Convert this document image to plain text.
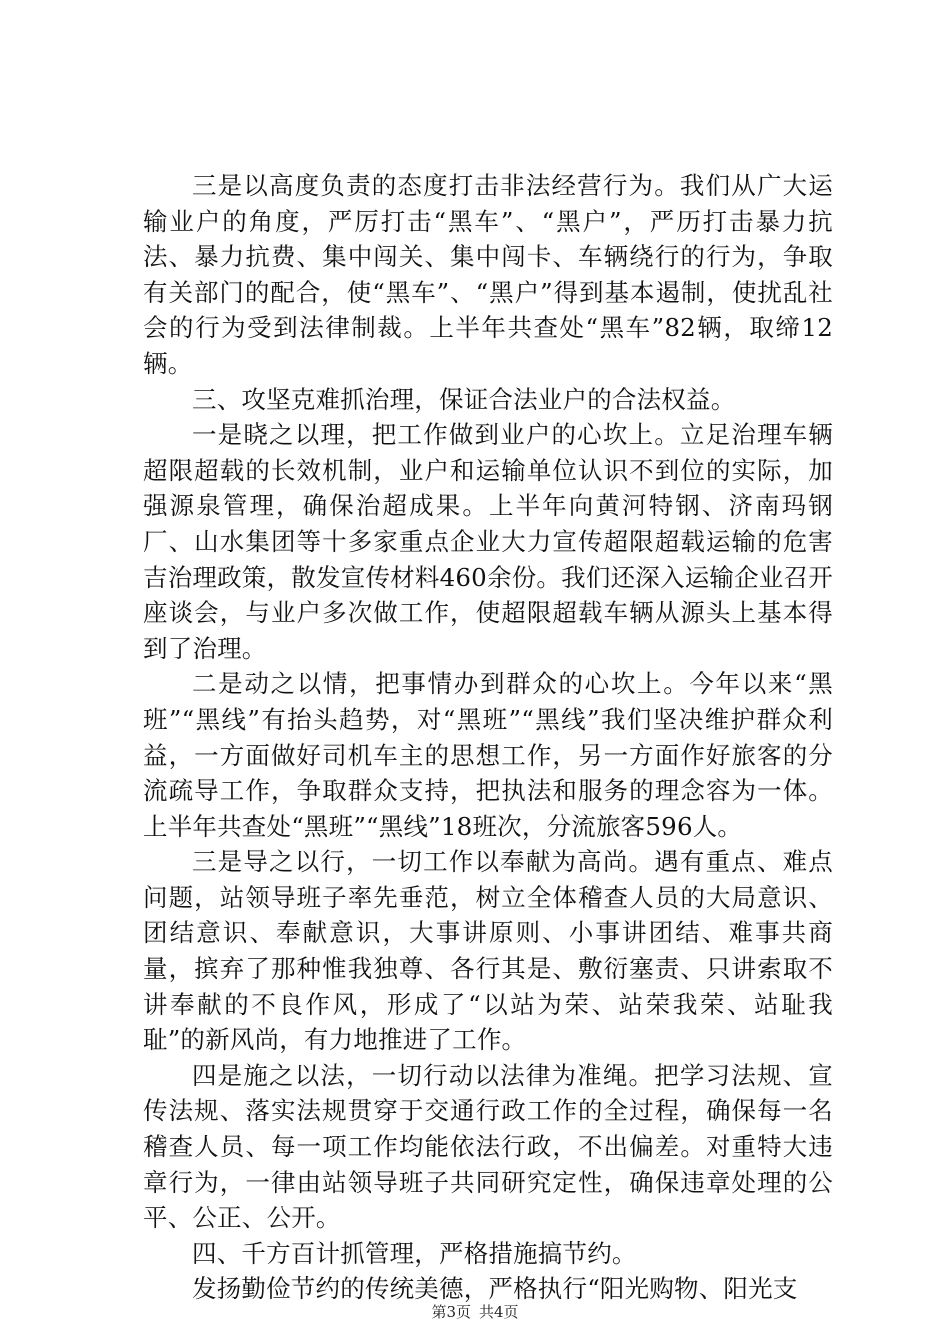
三是以高度负责的态度打击非法经营行为。我们从广大运输业户的角度，严厉打击“黑车”、“黑户”，严历打击暴力抗法、暴力抗费、集中闯关、集中闯卡、车辆绕行的行为，争取有关部门的配合，使“黑车”、“黑户”得到基本遏制，使扰乱社会的行为受到法律制裁。上半年共查处“黑车”82辆，取缔12辆。

三、攻坚克难抓治理，保证合法业户的合法权益。

一是晓之以理，把工作做到业户的心坎上。立足治理车辆超限超载的长效机制，业户和运输单位认识不到位的实际，加强源泉管理，确保治超成果。上半年向黄河特钢、济南玛钢厂、山水集团等十多家重点企业大力宣传超限超载运输的危害吉治理政策，散发宣传材料460余份。我们还深入运输企业召开座谈会，与业户多次做工作，使超限超载车辆从源头上基本得到了治理。

二是动之以情，把事情办到群众的心坎上。今年以来“黑班”“黑线”有抬头趋势，对“黑班”“黑线”我们坚决维护群众利益，一方面做好司机车主的思想工作，另一方面作好旅客的分流疏导工作，争取群众支持，把执法和服务的理念容为一体。上半年共查处“黑班”“黑线”18班次，分流旅客596人。

三是导之以行，一切工作以奉献为高尚。遇有重点、难点问题，站领导班子率先垂范，树立全体稽查人员的大局意识、团结意识、奉献意识，大事讲原则、小事讲团结、难事共商量，摈弃了那种惟我独尊、各行其是、敷衍塞责、只讲索取不讲奉献的不良作风，形成了“以站为荣、站荣我荣、站耻我耻”的新风尚，有力地推进了工作。

四是施之以法，一切行动以法律为准绳。把学习法规、宣传法规、落实法规贯穿于交通行政工作的全过程，确保每一名稽查人员、每一项工作均能依法行政，不出偏差。对重特大违章行为，一律由站领导班子共同研究定性，确保违章处理的公平、公正、公开。

四、千方百计抓管理，严格措施搞节约。

发扬勤俭节约的传统美德，严格执行“阳光购物、阳光支

第3页 共4页
